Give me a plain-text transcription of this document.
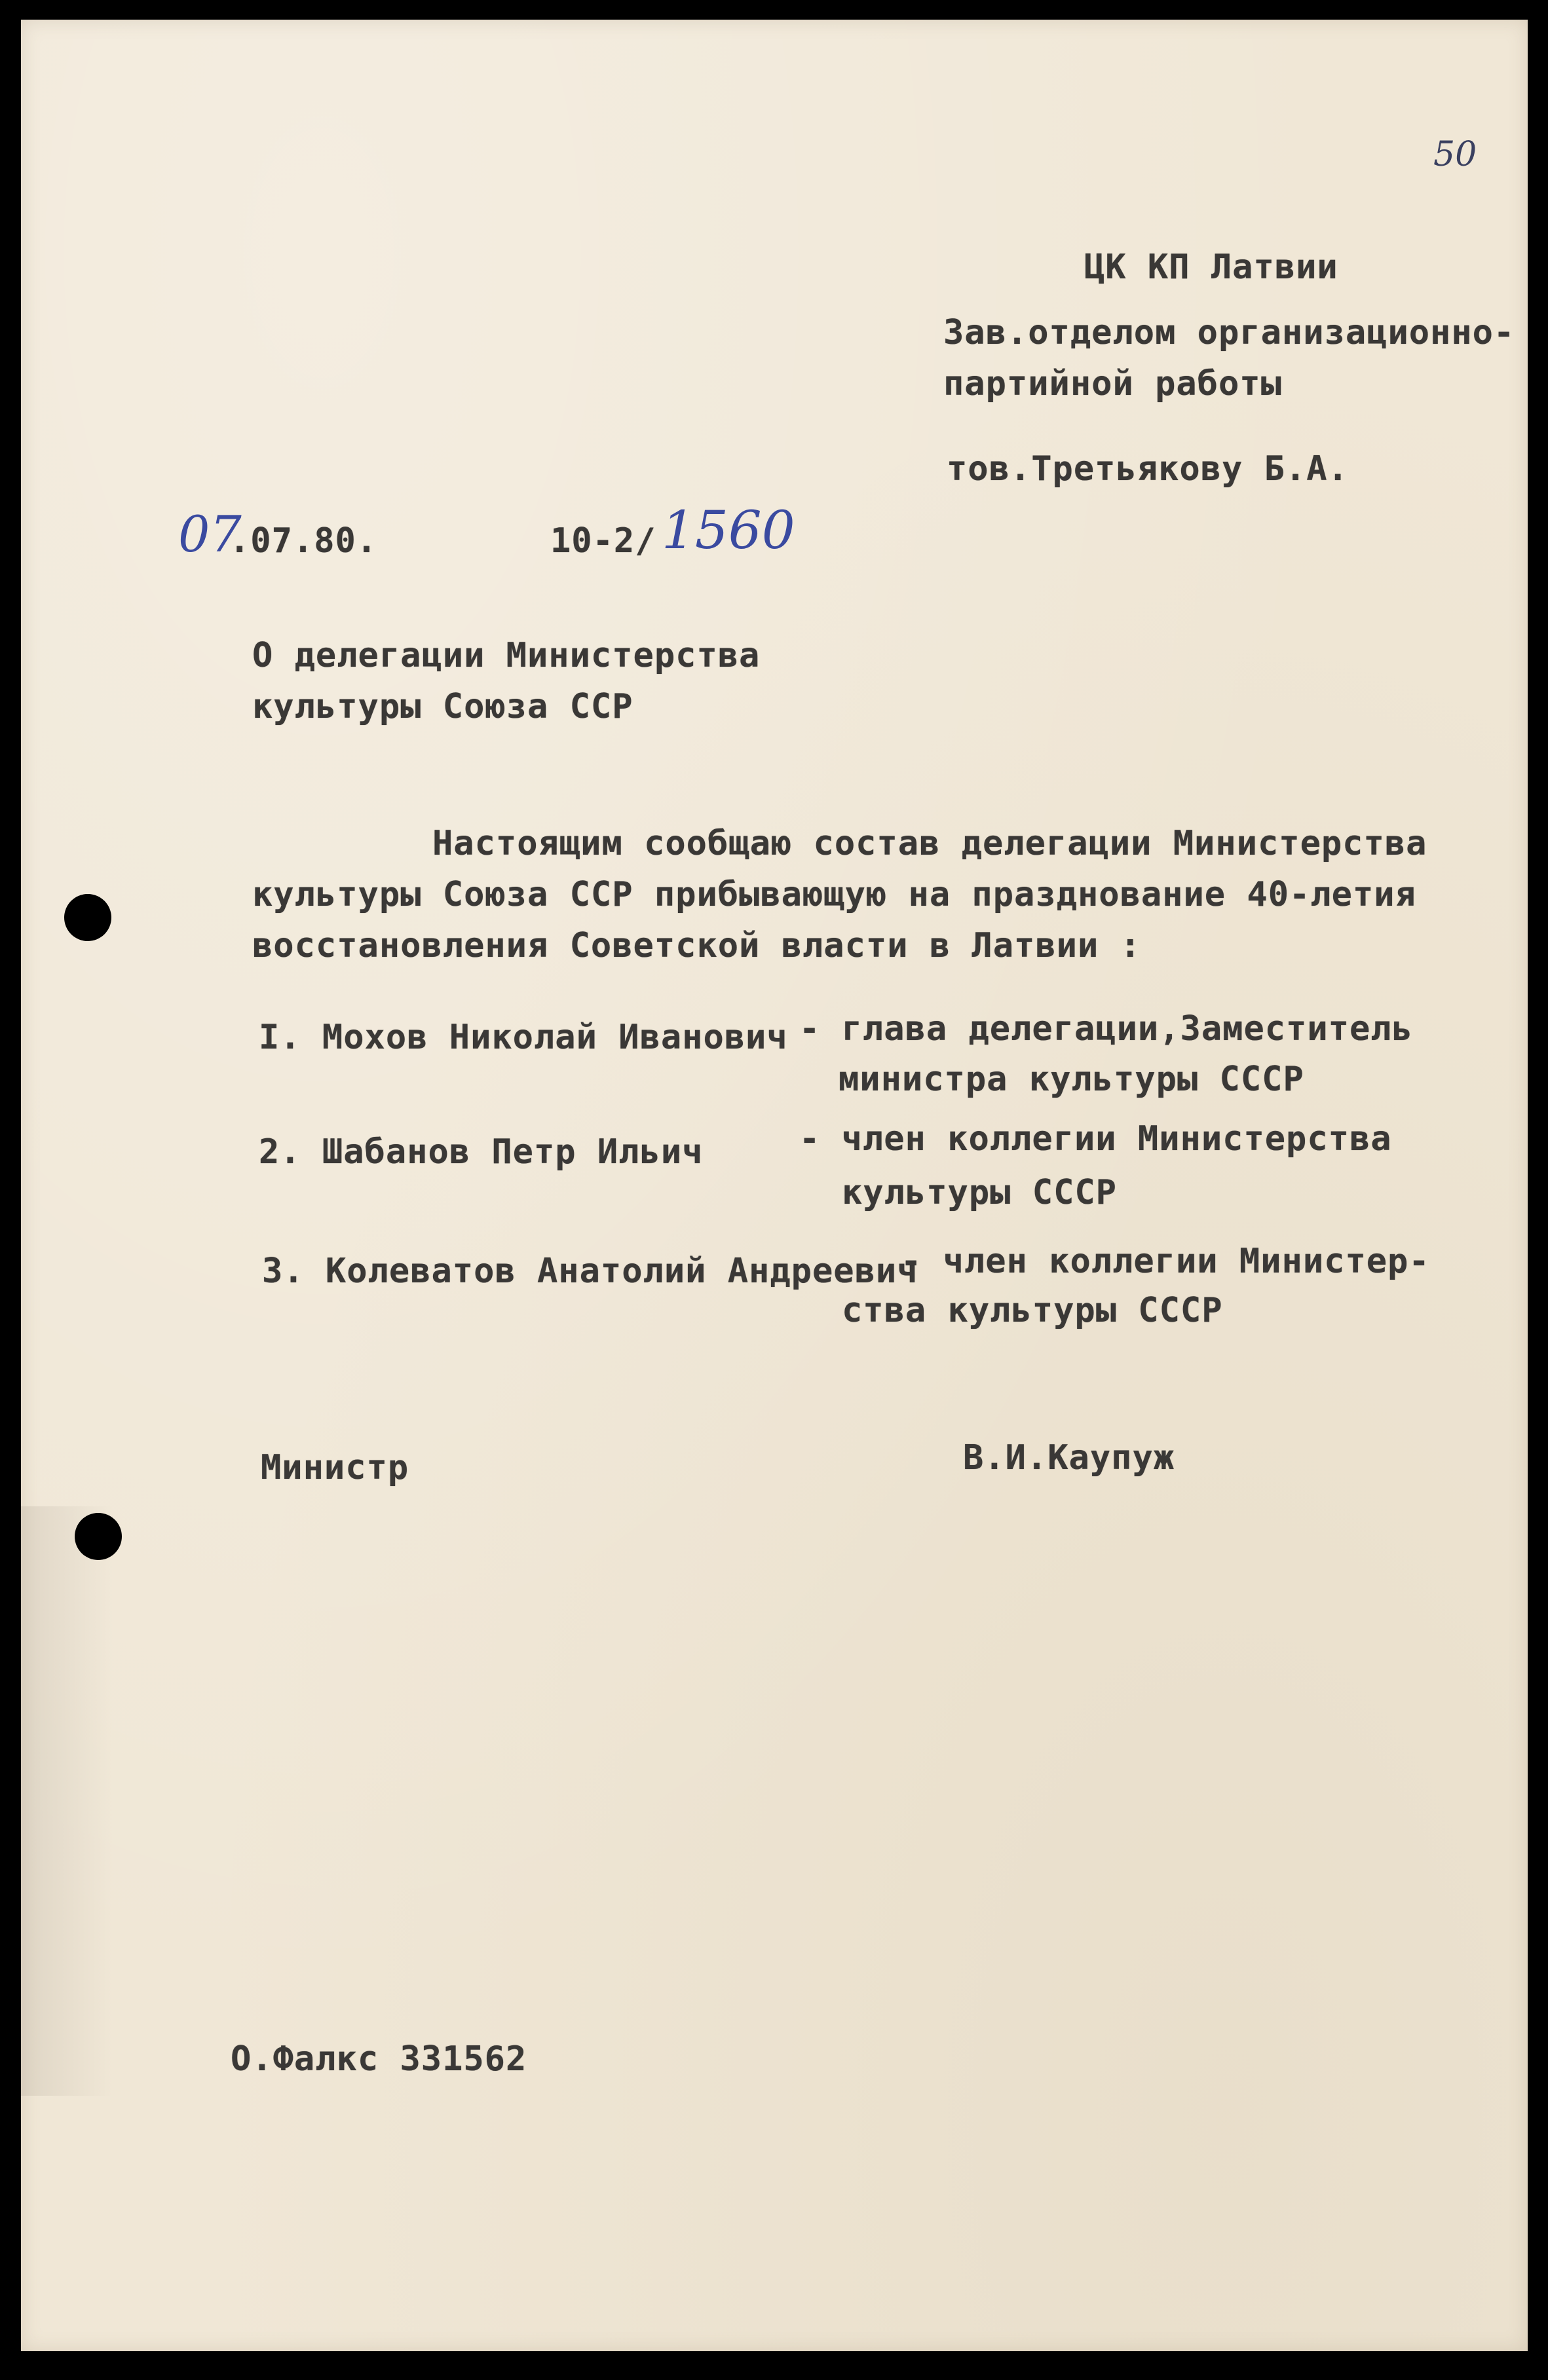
50
ЦК КП Латвии
Зав.отделом организационно-
партийной работы
тов.Третьякову Б.А.
07
.07.80.	10-2/ 1560
О делегации Министерства
культуры Союза ССР
Настоящим сообщаю состав делегации Министерства
культуры Союза ССР прибывающую на празднование 40-летия
восстановления Советской власти в Латвии :
I. Мохов Николай Иванович - глава делегации,Заместитель
министра культуры СССР
2. Шабанов Петр Ильич	- член коллегии Министерства
культуры СССР
3. Колеватов Анатолий Андреевич
- член коллегии Министер-
ства культуры СССР
Министр	В.И.Каупуж
О.Фалкс 331562
